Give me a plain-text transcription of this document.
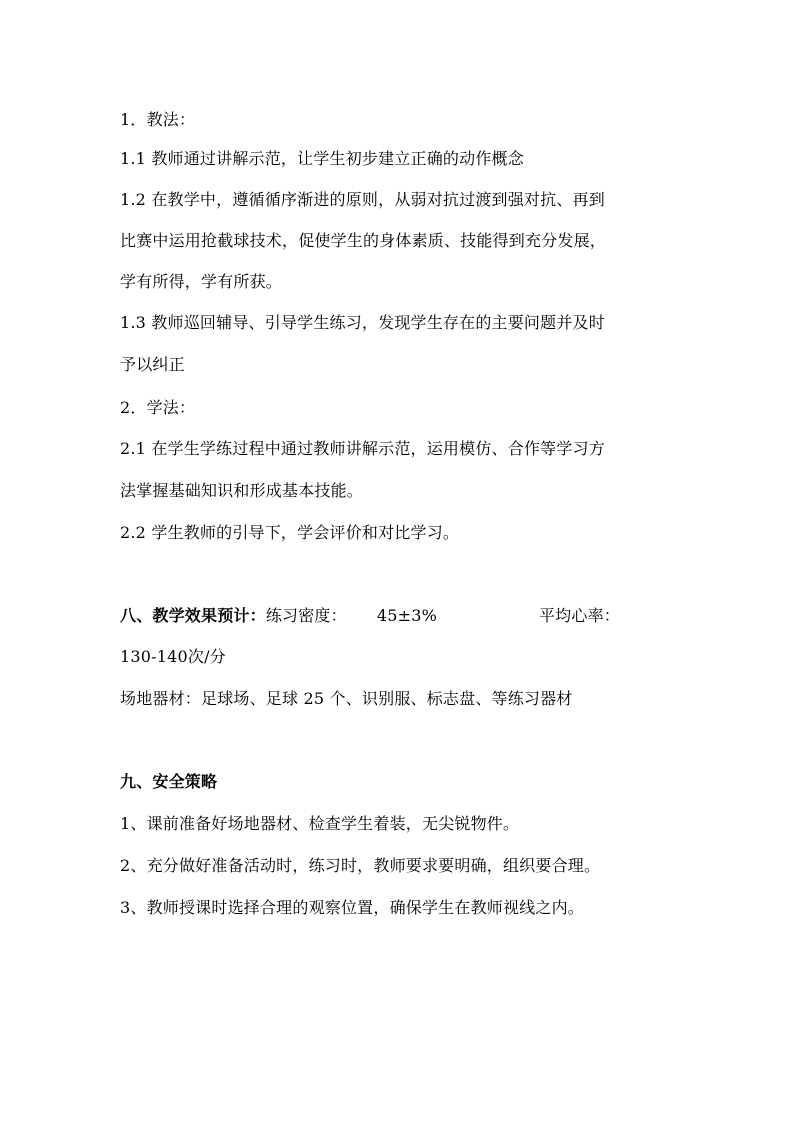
1．教法：
1.1 教师通过讲解示范，让学生初步建立正确的动作概念
1.2 在教学中，遵循循序渐进的原则，从弱对抗过渡到强对抗、再到
比赛中运用抢截球技术，促使学生的身体素质、技能得到充分发展，
学有所得，学有所获。
1.3 教师巡回辅导、引导学生练习，发现学生存在的主要问题并及时
予以纠正
2．学法：
2.1 在学生学练过程中通过教师讲解示范，运用模仿、合作等学习方
法掌握基础知识和形成基本技能。
2.2 学生教师的引导下，学会评价和对比学习。
八、教学效果预计：练习密度： 45±3%	平均心率：
130-140次/分
场地器材：足球场、足球 25 个、识别服、标志盘、等练习器材
九、安全策略
1、课前准备好场地器材、检查学生着装，无尖锐物件。
2、充分做好准备活动时，练习时，教师要求要明确，组织要合理。
3、教师授课时选择合理的观察位置，确保学生在教师视线之内。
